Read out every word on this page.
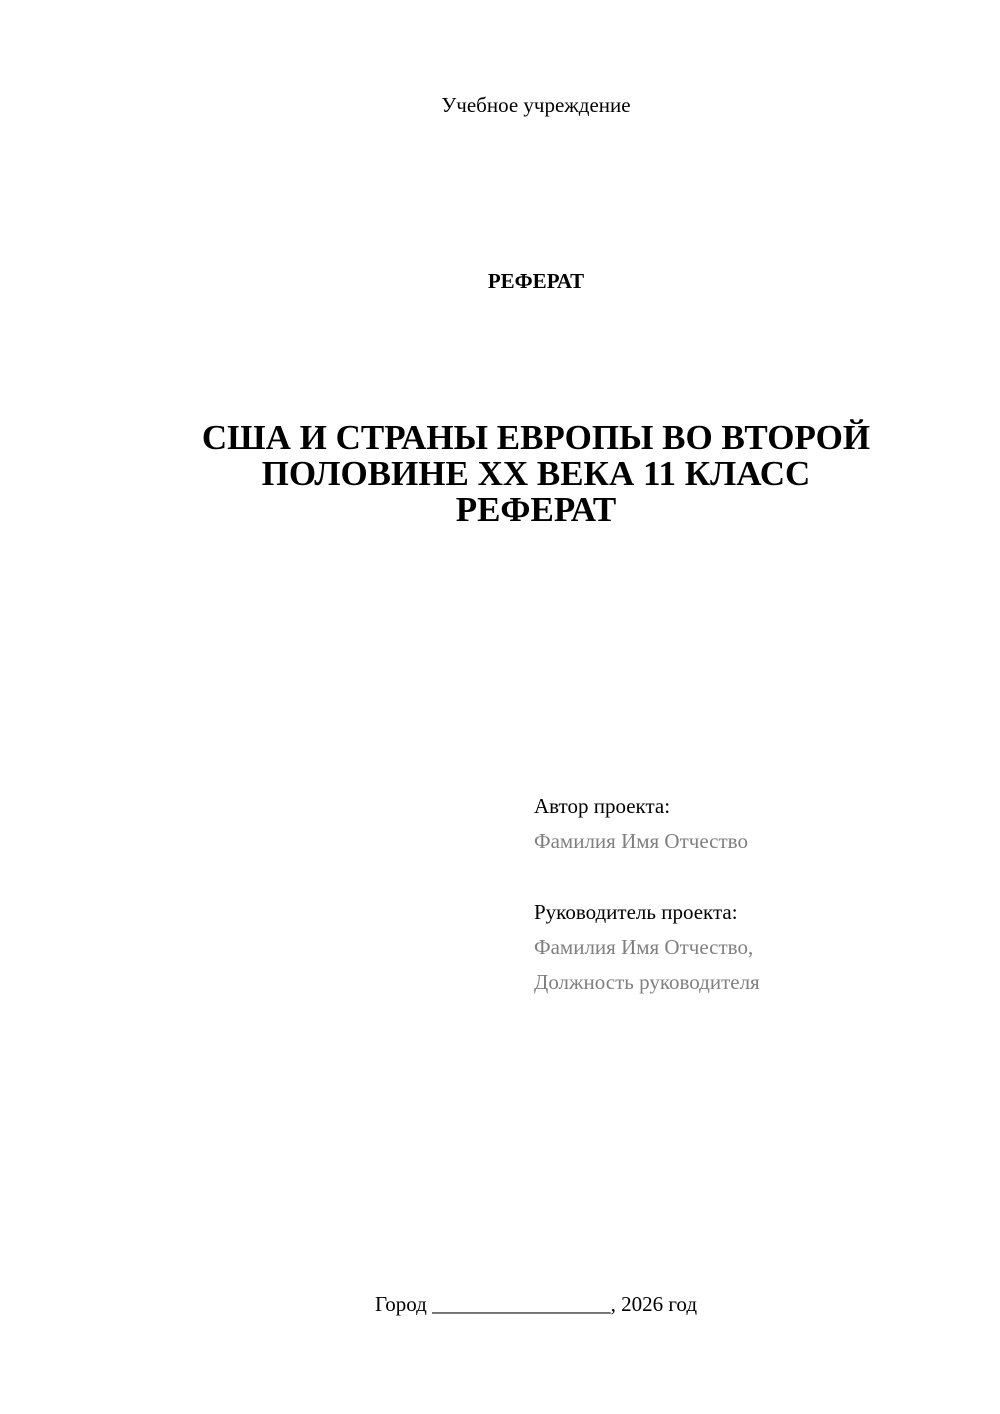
Учебное учреждение
РЕФЕРАТ
США И СТРАНЫ ЕВРОПЫ ВО ВТОРОЙ
ПОЛОВИНЕ XX ВЕКА 11 КЛАСС
РЕФЕРАТ
Автор проекта:
Фамилия Имя Отчество
Руководитель проекта:
Фамилия Имя Отчество,
Должность руководителя
Город _________________, 2026 год
